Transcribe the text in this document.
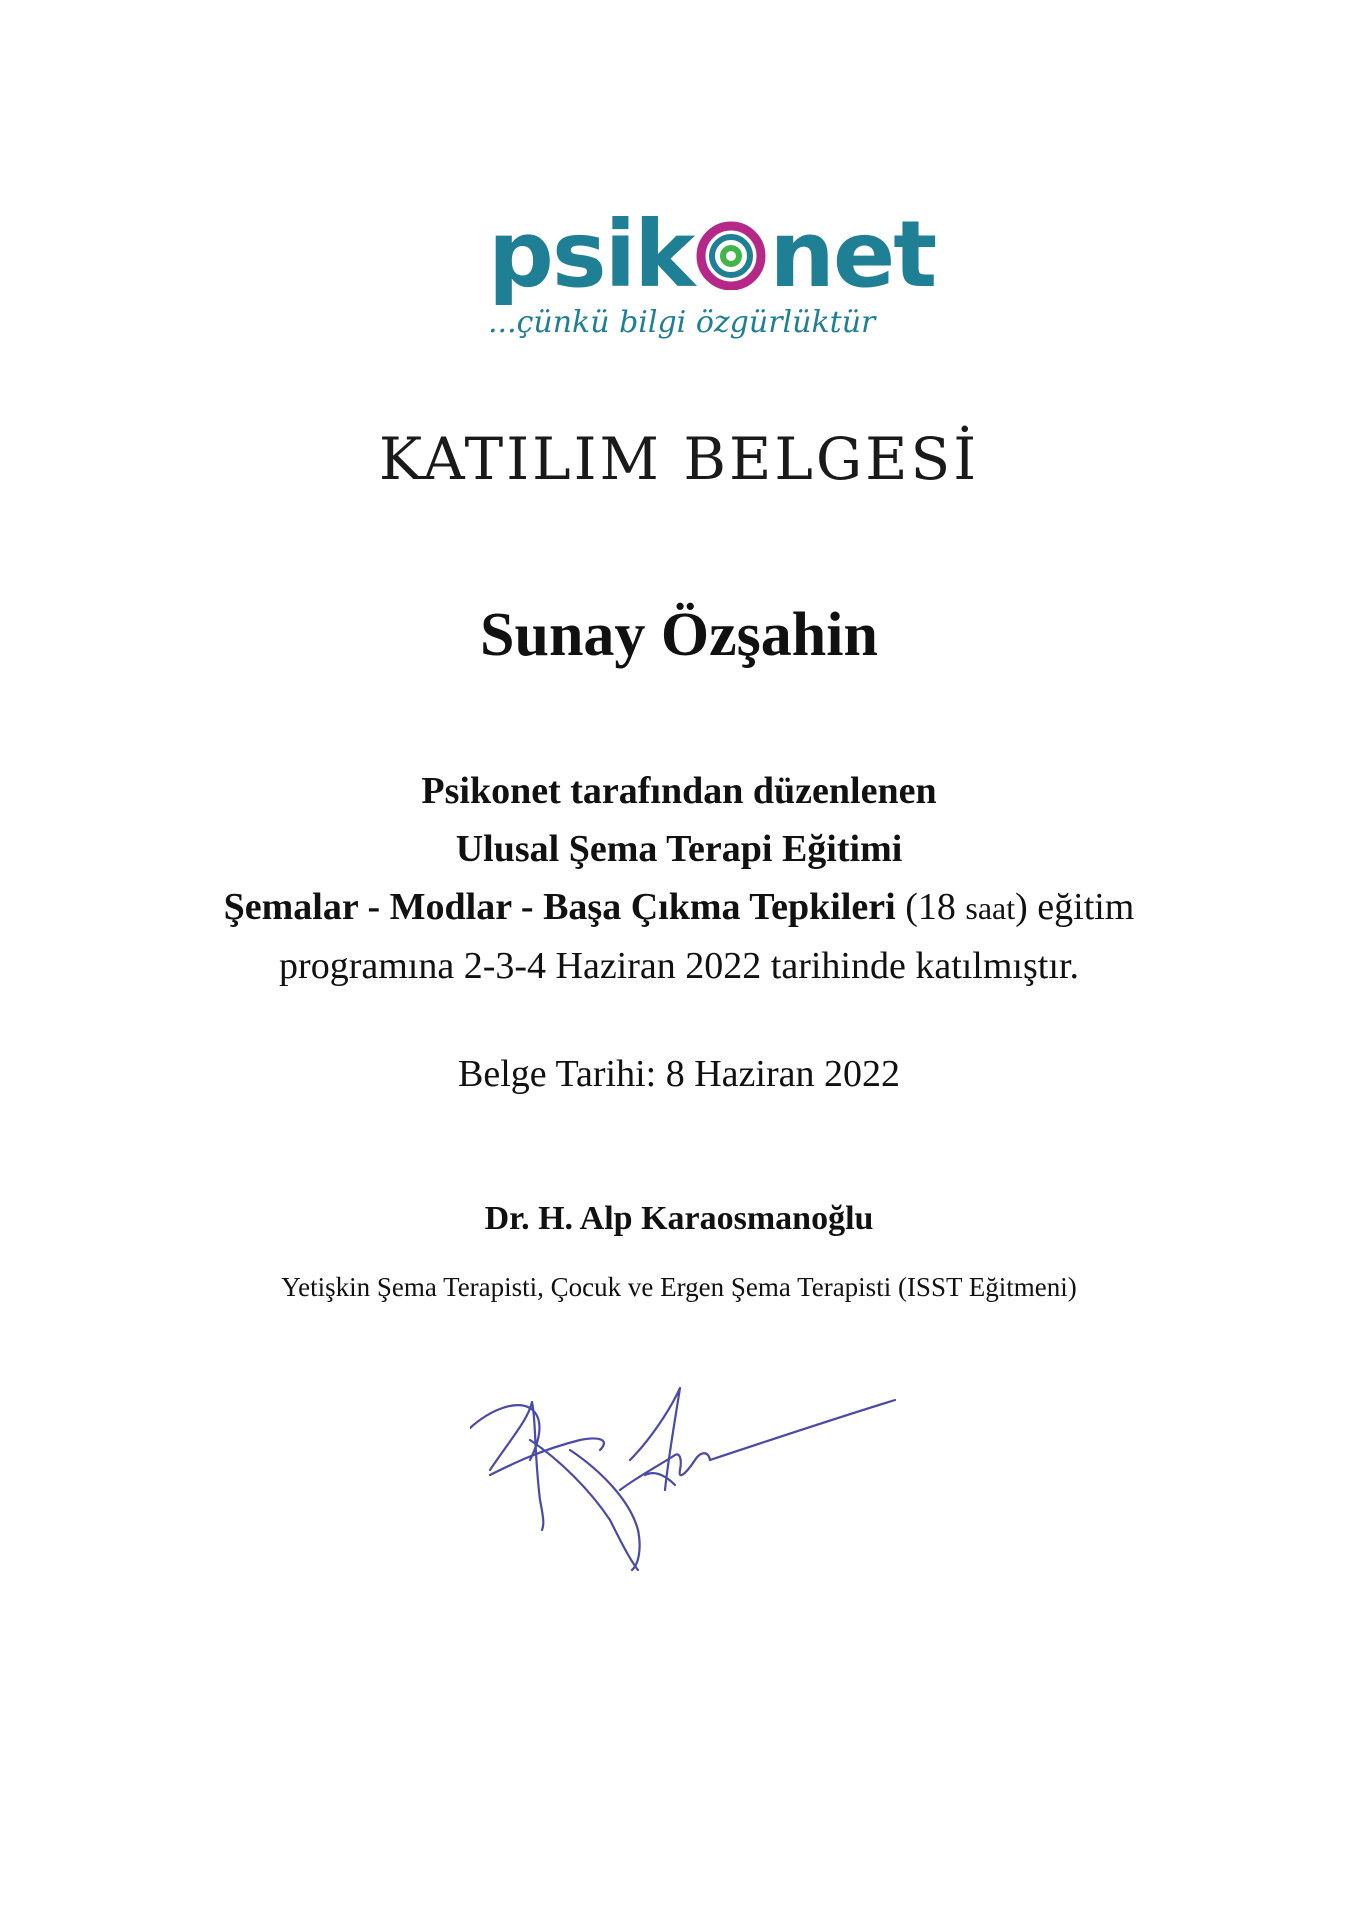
psik net
...çünkü bilgi özgürlüktür
KATILIM BELGESİ
Sunay Özşahin
Psikonet tarafından düzenlenen
Ulusal Şema Terapi Eğitimi
Şemalar - Modlar - Başa Çıkma Tepkileri (18 saat) eğitim
programına 2-3-4 Haziran 2022 tarihinde katılmıştır.
Belge Tarihi: 8 Haziran 2022
Dr. H. Alp Karaosmanoğlu
Yetişkin Şema Terapisti, Çocuk ve Ergen Şema Terapisti (ISST Eğitmeni)
